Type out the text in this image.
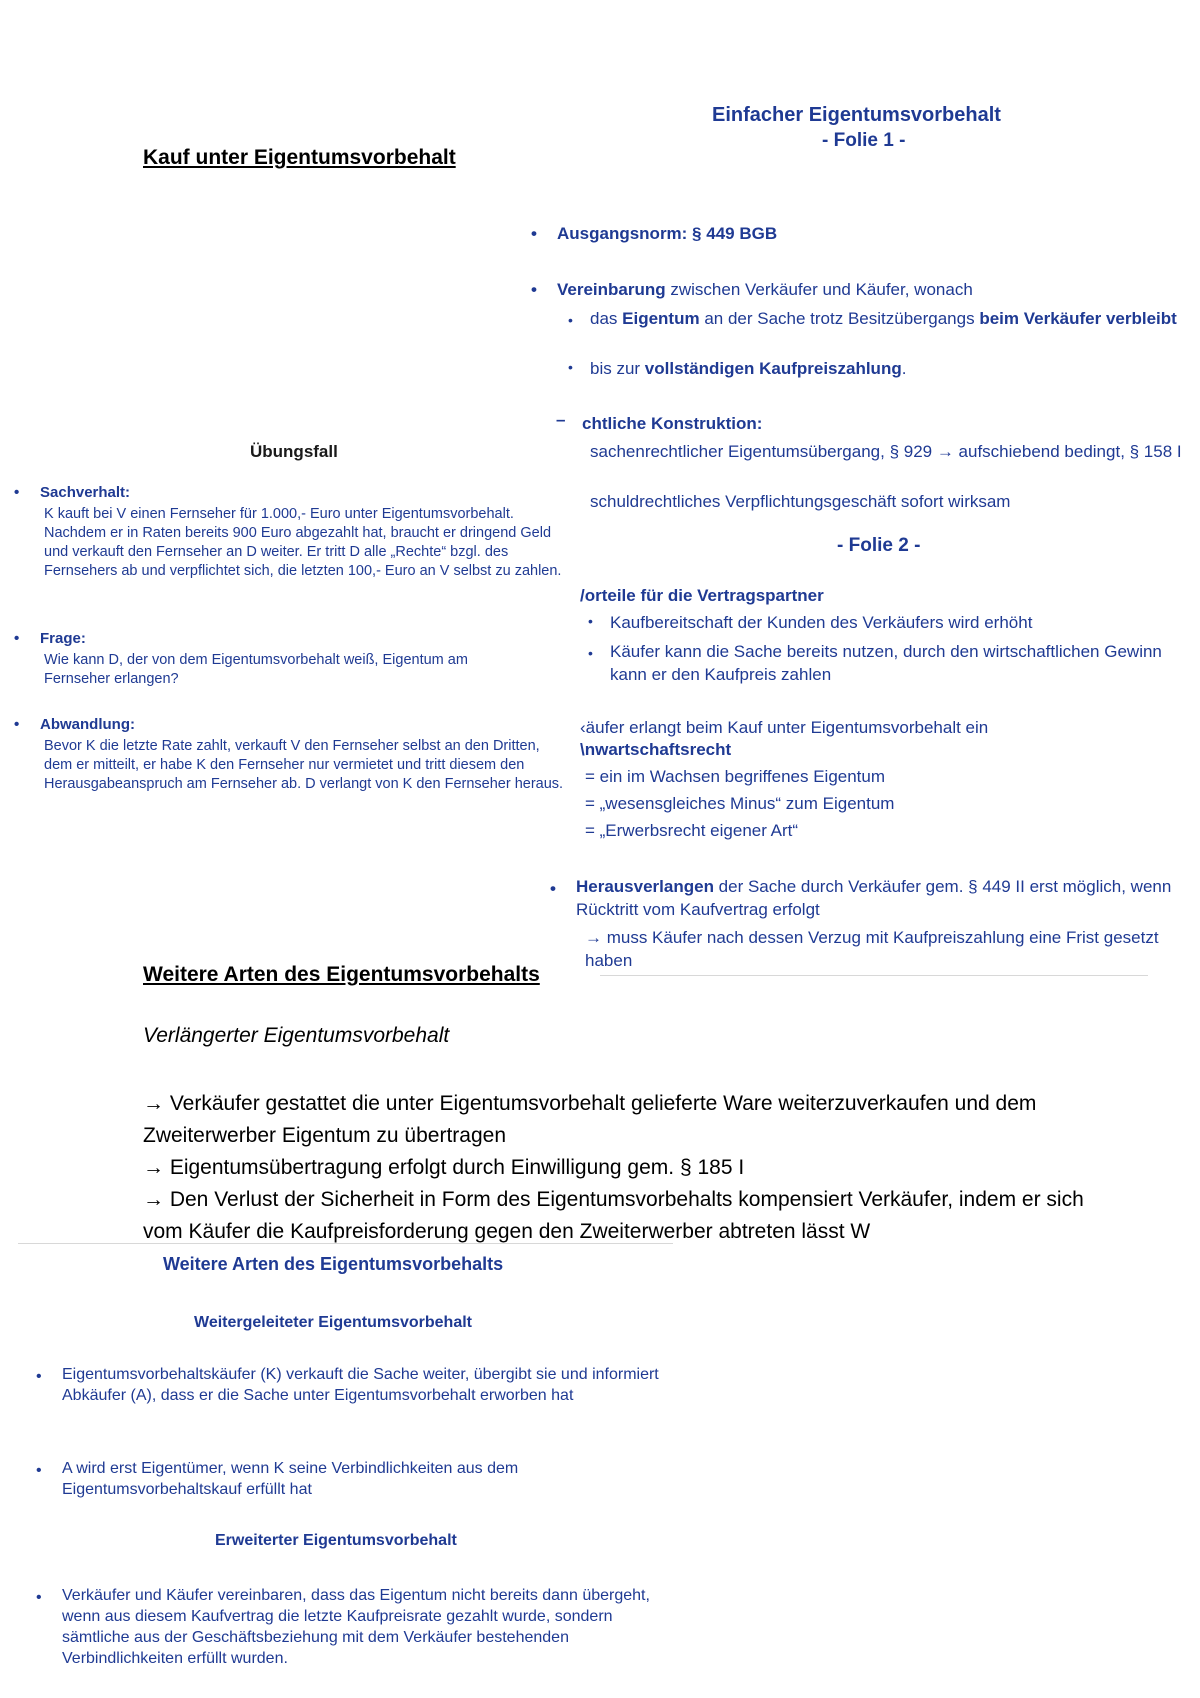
Kauf unter Eigentumsvorbehalt
Einfacher Eigentumsvorbehalt
- Folie 1 -
• Ausgangsnorm: § 449 BGB
• Vereinbarung zwischen Verkäufer und Käufer, wonach
• das Eigentum an der Sache trotz Besitzübergangs beim Verkäufer verbleibt
• bis zur vollständigen Kaufpreiszahlung.
– chtliche Konstruktion:
sachenrechtlicher Eigentumsübergang, § 929 → aufschiebend bedingt, § 158 I
schuldrechtliches Verpflichtungsgeschäft sofort wirksam
- Folie 2 -
/orteile für die Vertragspartner
• Kaufbereitschaft der Kunden des Verkäufers wird erhöht
• Käufer kann die Sache bereits nutzen, durch den wirtschaftlichen Gewinn kann er den Kaufpreis zahlen
‹äufer erlangt beim Kauf unter Eigentumsvorbehalt ein
\nwartschaftsrecht
= ein im Wachsen begriffenes Eigentum
= „wesensgleiches Minus“ zum Eigentum
= „Erwerbsrecht eigener Art“
• Herausverlangen der Sache durch Verkäufer gem. § 449 II erst möglich, wenn Rücktritt vom Kaufvertrag erfolgt
→ muss Käufer nach dessen Verzug mit Kaufpreiszahlung eine Frist gesetzt haben
Übungsfall
• Sachverhalt:
K kauft bei V einen Fernseher für 1.000,- Euro unter Eigentumsvorbehalt. Nachdem er in Raten bereits 900 Euro abgezahlt hat, braucht er dringend Geld und verkauft den Fernseher an D weiter. Er tritt D alle „Rechte“ bzgl. des Fernsehers ab und verpflichtet sich, die letzten 100,- Euro an V selbst zu zahlen.
• Frage:
Wie kann D, der von dem Eigentumsvorbehalt weiß, Eigentum am Fernseher erlangen?
• Abwandlung:
Bevor K die letzte Rate zahlt, verkauft V den Fernseher selbst an den Dritten, dem er mitteilt, er habe K den Fernseher nur vermietet und tritt diesem den Herausgabeanspruch am Fernseher ab. D verlangt von K den Fernseher heraus.
Weitere Arten des Eigentumsvorbehalts
Verlängerter Eigentumsvorbehalt
→ Verkäufer gestattet die unter Eigentumsvorbehalt gelieferte Ware weiterzuverkaufen und dem Zweiterwerber Eigentum zu übertragen
→ Eigentumsübertragung erfolgt durch Einwilligung gem. § 185 I
→ Den Verlust der Sicherheit in Form des Eigentumsvorbehalts kompensiert Verkäufer, indem er sich vom Käufer die Kaufpreisforderung gegen den Zweiterwerber abtreten lässt W
Weitere Arten des Eigentumsvorbehalts
Weitergeleiteter Eigentumsvorbehalt
• Eigentumsvorbehaltskäufer (K) verkauft die Sache weiter, übergibt sie und informiert Abkäufer (A), dass er die Sache unter Eigentumsvorbehalt erworben hat
• A wird erst Eigentümer, wenn K seine Verbindlichkeiten aus dem Eigentumsvorbehaltskauf erfüllt hat
Erweiterter Eigentumsvorbehalt
• Verkäufer und Käufer vereinbaren, dass das Eigentum nicht bereits dann übergeht, wenn aus diesem Kaufvertrag die letzte Kaufpreisrate gezahlt wurde, sondern sämtliche aus der Geschäftsbeziehung mit dem Verkäufer bestehenden Verbindlichkeiten erfüllt wurden.
